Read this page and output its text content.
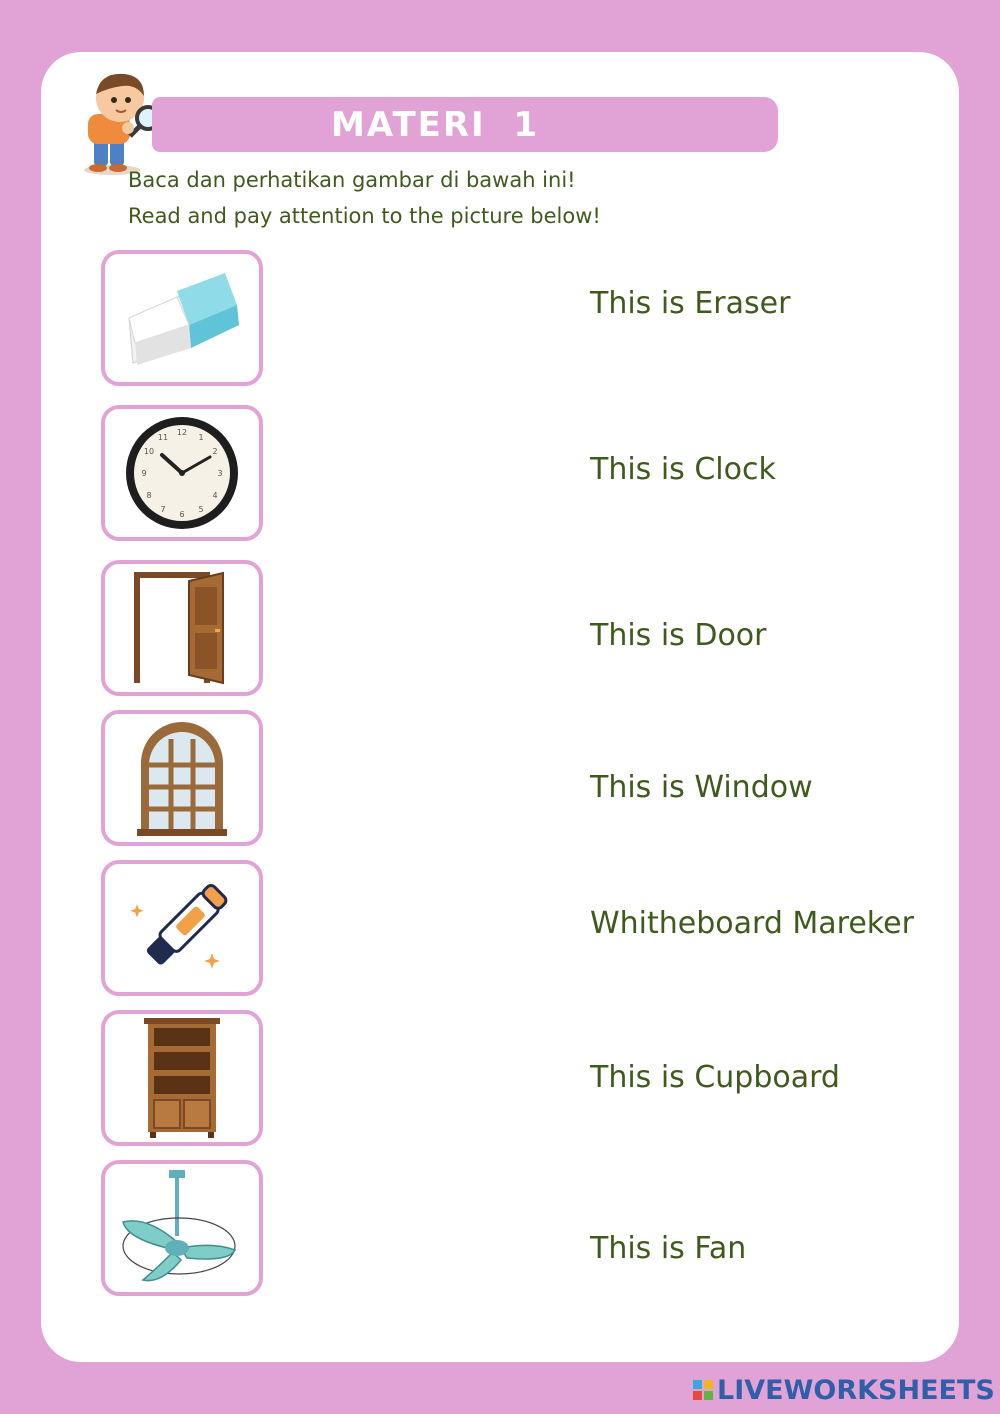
MATERI  1
Baca dan perhatikan gambar di bawah ini!
Read and pay attention to the picture below!
This is Eraser
12
1
2
3
4
5
6
7
8
9
10
11
This is Clock
This is Door
This is Window
Whitheboard Mareker
This is Cupboard
This is Fan
LIVEWORKSHEETS
